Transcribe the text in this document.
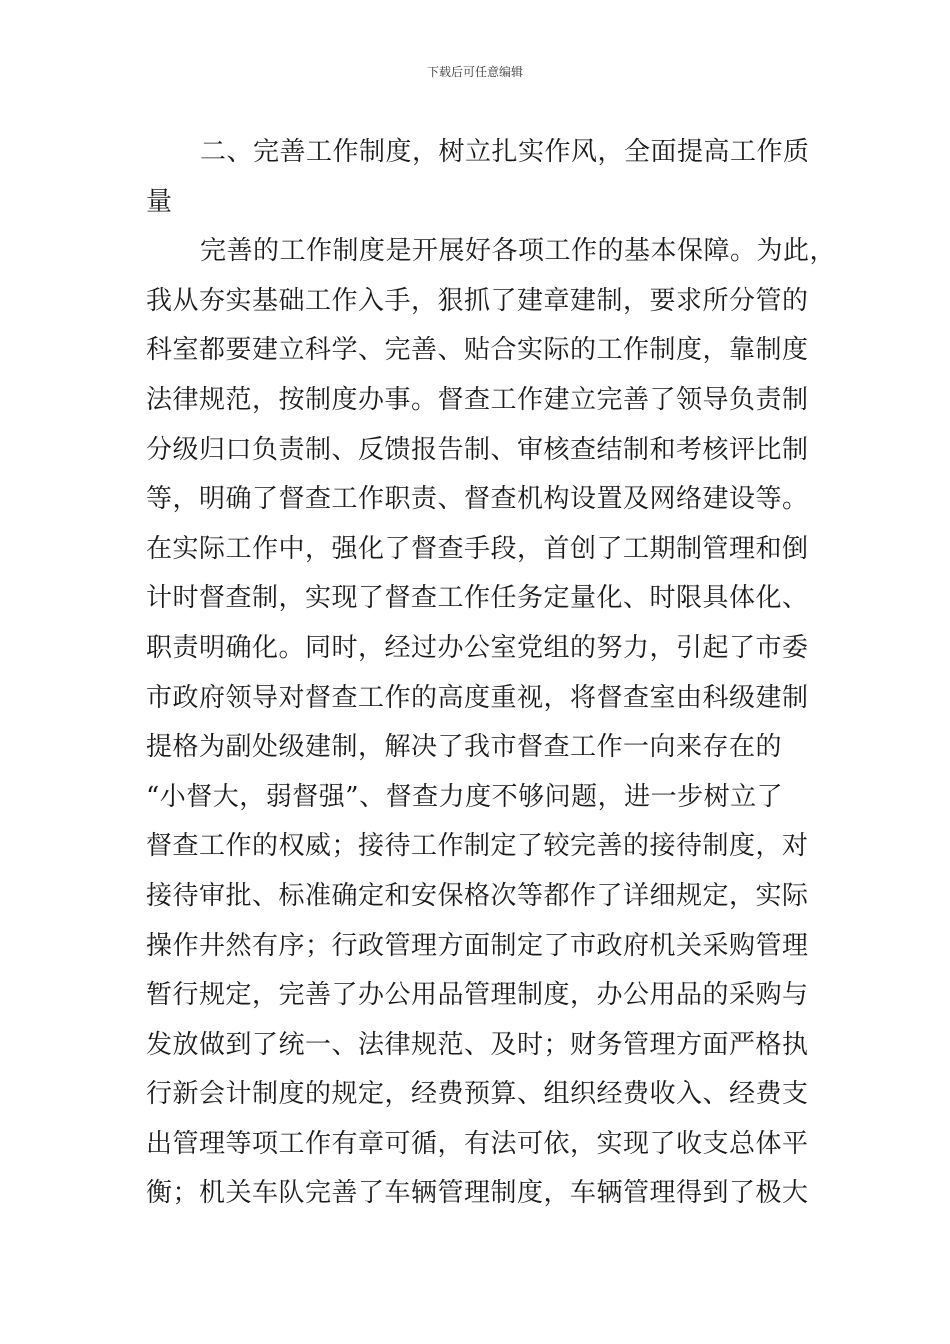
下载后可任意编辑
二、完善工作制度，树立扎实作风，全面提高工作质
量
完善的工作制度是开展好各项工作的基本保障。为此，
我从夯实基础工作入手，狠抓了建章建制，要求所分管的
科室都要建立科学、完善、贴合实际的工作制度，靠制度
法律规范，按制度办事。督查工作建立完善了领导负责制
分级归口负责制、反馈报告制、审核查结制和考核评比制
等，明确了督查工作职责、督查机构设置及网络建设等。
在实际工作中，强化了督查手段，首创了工期制管理和倒
计时督查制，实现了督查工作任务定量化、时限具体化、
职责明确化。同时，经过办公室党组的努力，引起了市委
市政府领导对督查工作的高度重视，将督查室由科级建制
提格为副处级建制，解决了我市督查工作一向来存在的
“小督大，弱督强”、督查力度不够问题，进一步树立了
督查工作的权威；接待工作制定了较完善的接待制度，对
接待审批、标准确定和安保格次等都作了详细规定，实际
操作井然有序；行政管理方面制定了市政府机关采购管理
暂行规定，完善了办公用品管理制度，办公用品的采购与
发放做到了统一、法律规范、及时；财务管理方面严格执
行新会计制度的规定，经费预算、组织经费收入、经费支
出管理等项工作有章可循，有法可依，实现了收支总体平
衡；机关车队完善了车辆管理制度，车辆管理得到了极大
